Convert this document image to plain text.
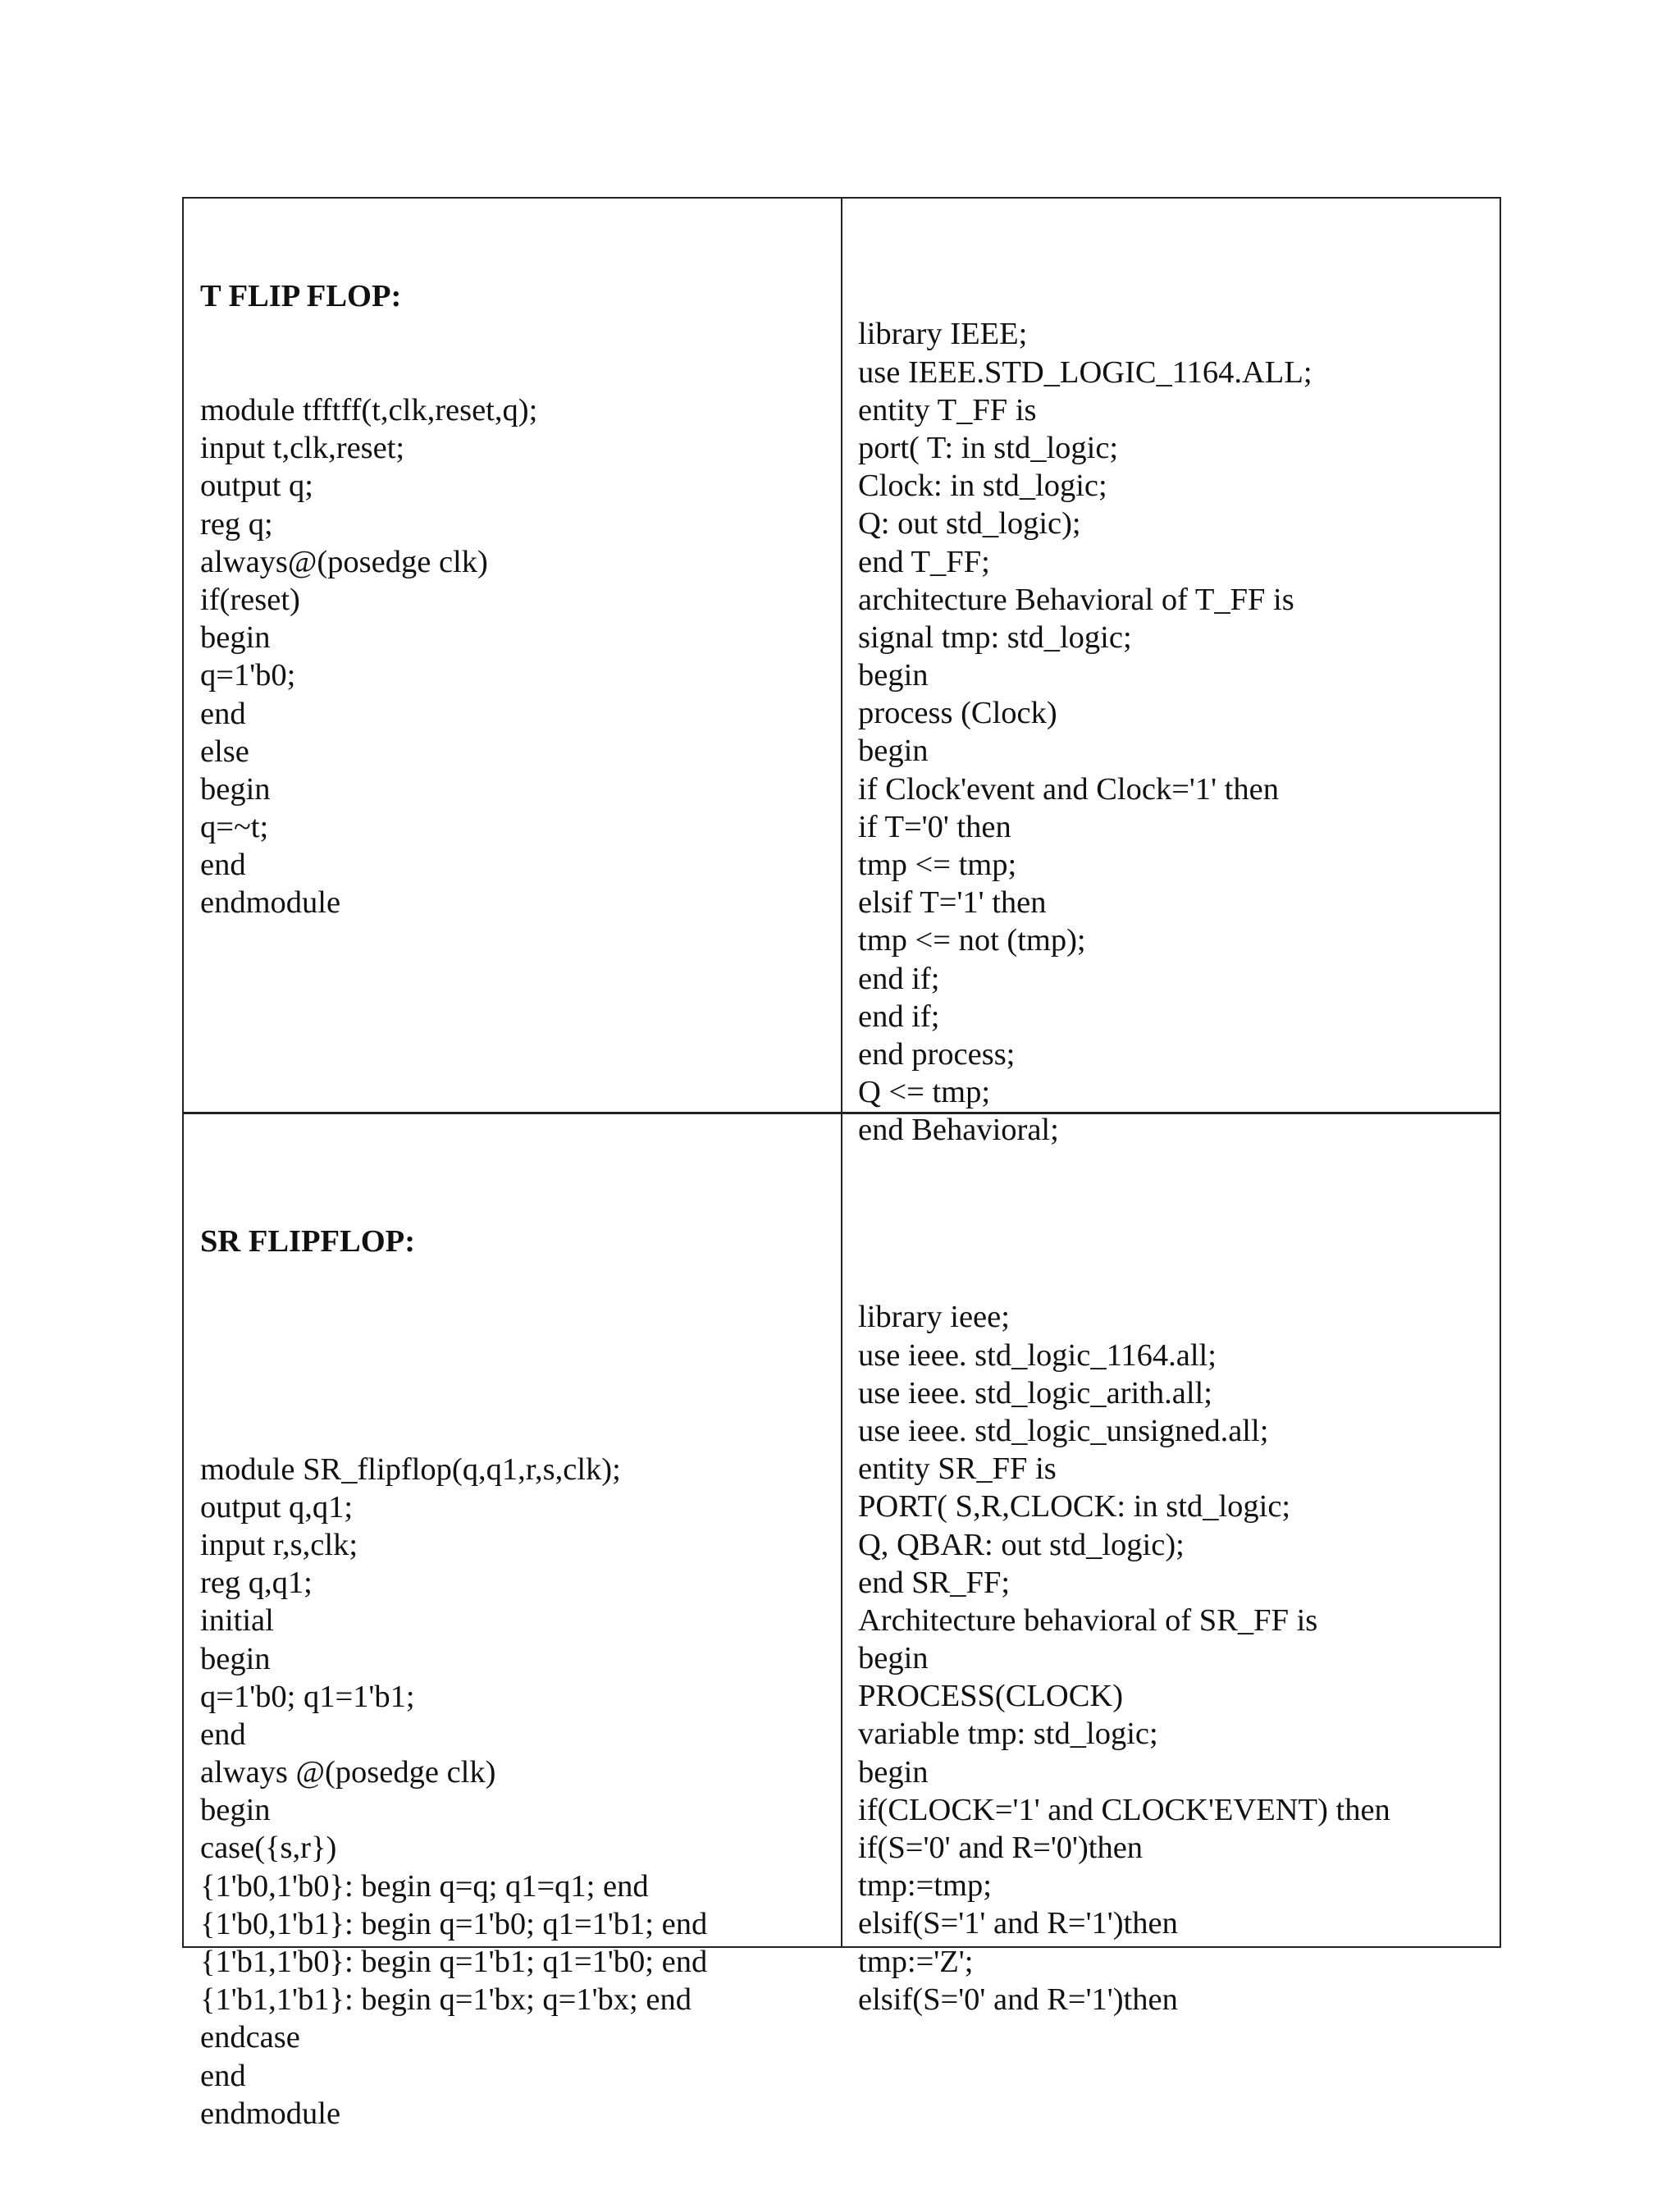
T FLIP FLOP:

module tfftff(t,clk,reset,q);
input t,clk,reset;
output q;
reg q;
always@(posedge clk)
if(reset)
begin
q=1'b0;
end
else
begin
q=~t;
end
endmodule

library IEEE;
use IEEE.STD_LOGIC_1164.ALL;
entity T_FF is
port( T: in std_logic;
Clock: in std_logic;
Q: out std_logic);
end T_FF;
architecture Behavioral of T_FF is
signal tmp: std_logic;
begin
process (Clock)
begin
if Clock'event and Clock='1' then
if T='0' then
tmp <= tmp;
elsif T='1' then
tmp <= not (tmp);
end if;
end if;
end process;
Q <= tmp;
end Behavioral;

SR FLIPFLOP:

module SR_flipflop(q,q1,r,s,clk);
output q,q1;
input r,s,clk;
reg q,q1;
initial
begin
q=1'b0; q1=1'b1;
end
always @(posedge clk)
begin
case({s,r})
{1'b0,1'b0}: begin q=q; q1=q1; end
{1'b0,1'b1}: begin q=1'b0; q1=1'b1; end
{1'b1,1'b0}: begin q=1'b1; q1=1'b0; end
{1'b1,1'b1}: begin q=1'bx; q=1'bx; end
endcase
end
endmodule

library ieee;
use ieee. std_logic_1164.all;
use ieee. std_logic_arith.all;
use ieee. std_logic_unsigned.all;
entity SR_FF is
PORT( S,R,CLOCK: in std_logic;
Q, QBAR: out std_logic);
end SR_FF;
Architecture behavioral of SR_FF is
begin
PROCESS(CLOCK)
variable tmp: std_logic;
begin
if(CLOCK='1' and CLOCK'EVENT) then
if(S='0' and R='0')then
tmp:=tmp;
elsif(S='1' and R='1')then
tmp:='Z';
elsif(S='0' and R='1')then
